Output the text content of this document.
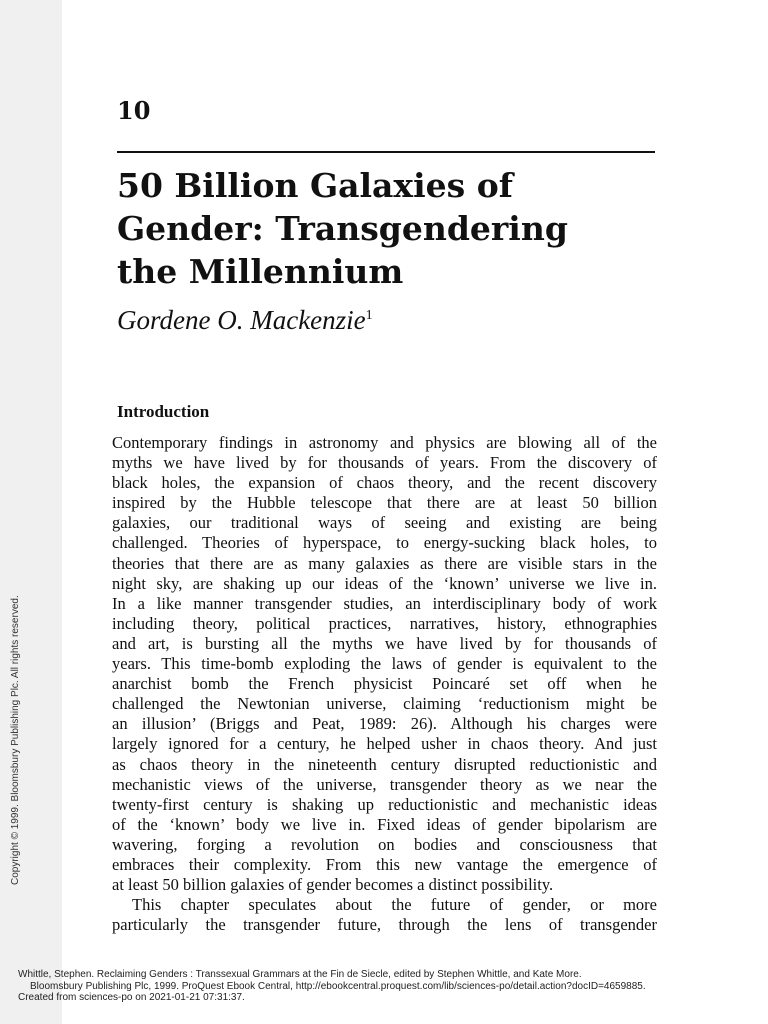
10
50 Billion Galaxies of
Gender: Transgendering
the Millennium
Gordene O. Mackenzie$^1$
Introduction
Contemporary findings in astronomy and physics are blowing all of the
myths we have lived by for thousands of years. From the discovery of
black holes, the expansion of chaos theory, and the recent discovery
inspired by the Hubble telescope that there are at least 50 billion
galaxies, our traditional ways of seeing and existing are being
challenged. Theories of hyperspace, to energy-sucking black holes, to
theories that there are as many galaxies as there are visible stars in the
night sky, are shaking up our ideas of the ‘known’ universe we live in.
In a like manner transgender studies, an interdisciplinary body of work
including theory, political practices, narratives, history, ethnographies
and art, is bursting all the myths we have lived by for thousands of
years. This time-bomb exploding the laws of gender is equivalent to the
anarchist bomb the French physicist Poincaré set off when he
challenged the Newtonian universe, claiming ‘reductionism might be
an illusion’ (Briggs and Peat, 1989: 26). Although his charges were
largely ignored for a century, he helped usher in chaos theory. And just
as chaos theory in the nineteenth century disrupted reductionistic and
mechanistic views of the universe, transgender theory as we near the
twenty-first century is shaking up reductionistic and mechanistic ideas
of the ‘known’ body we live in. Fixed ideas of gender bipolarism are
wavering, forging a revolution on bodies and consciousness that
embraces their complexity. From this new vantage the emergence of
at least 50 billion galaxies of gender becomes a distinct possibility.
This chapter speculates about the future of gender, or more
particularly the transgender future, through the lens of transgender
Copyright © 1999. Bloomsbury Publishing Plc. All rights reserved.
Whittle, Stephen. Reclaiming Genders : Transsexual Grammars at the Fin de Siecle, edited by Stephen Whittle, and Kate More.
Bloomsbury Publishing Plc, 1999. ProQuest Ebook Central, http://ebookcentral.proquest.com/lib/sciences-po/detail.action?docID=4659885.
Created from sciences-po on 2021-01-21 07:31:37.
